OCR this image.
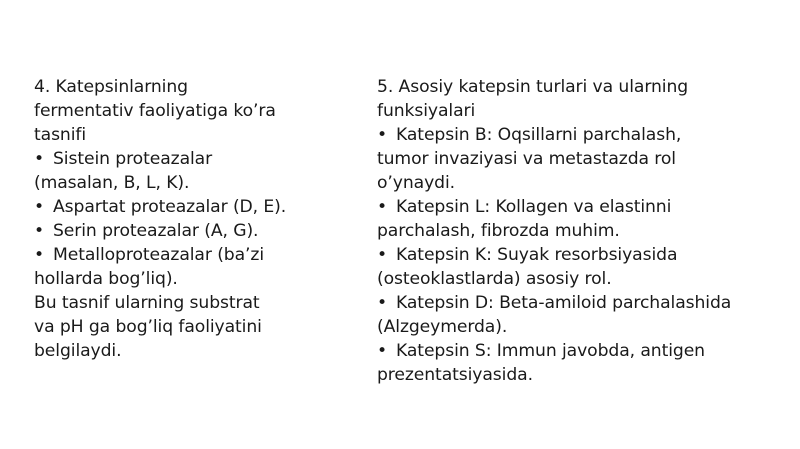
4. Katepsinlarning
fermentativ faoliyatiga ko’ra
tasnifi
• Sistein proteazalar
(masalan, B, L, K).
• Aspartat proteazalar (D, E).
• Serin proteazalar (A, G).
• Metalloproteazalar (ba’zi
hollarda bog’liq).
Bu tasnif ularning substrat
va pH ga bog’liq faoliyatini
belgilaydi.
5. Asosiy katepsin turlari va ularning
funksiyalari
• Katepsin B: Oqsillarni parchalash,
tumor invaziyasi va metastazda rol
o’ynaydi.
• Katepsin L: Kollagen va elastinni
parchalash, fibrozda muhim.
• Katepsin K: Suyak resorbsiyasida
(osteoklastlarda) asosiy rol.
• Katepsin D: Beta-amiloid parchalashida
(Alzgeymerda).
• Katepsin S: Immun javobda, antigen
prezentatsiyasida.
